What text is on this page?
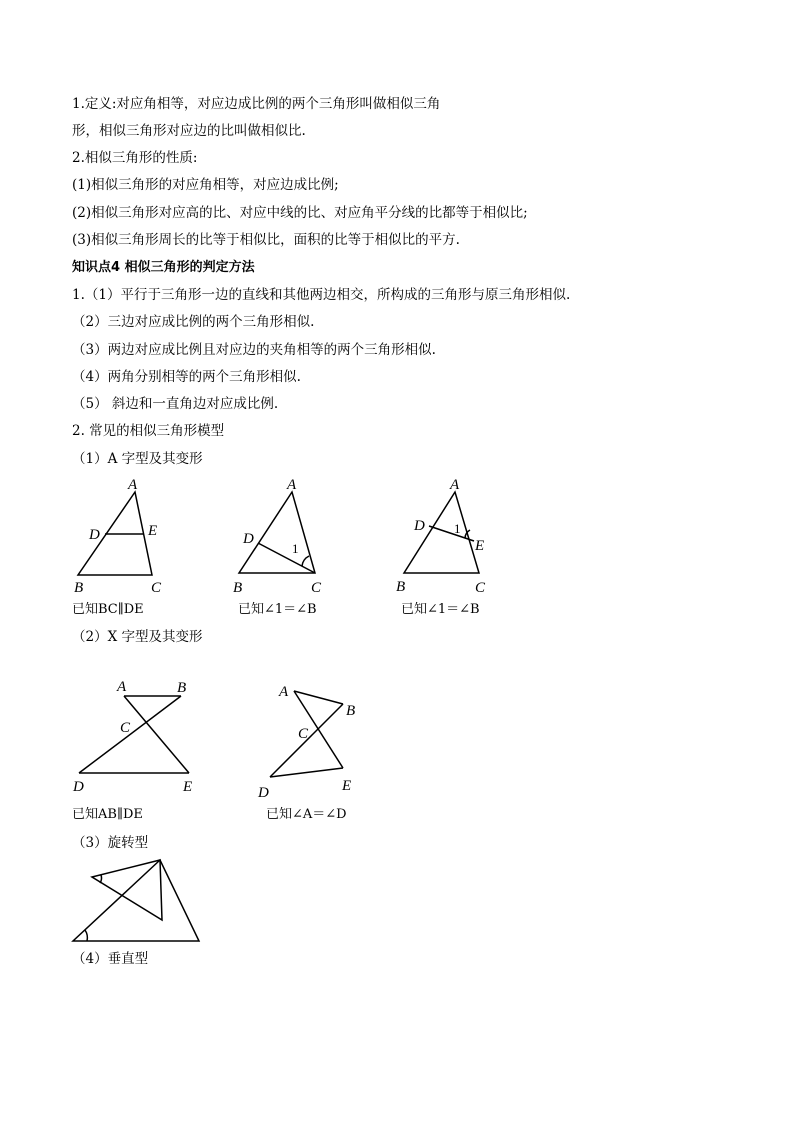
1.定义:对应角相等，对应边成比例的两个三角形叫做相似三角
形，相似三角形对应边的比叫做相似比.
2.相似三角形的性质:
(1)相似三角形的对应角相等，对应边成比例;
(2)相似三角形对应高的比、对应中线的比、对应角平分线的比都等于相似比;
(3)相似三角形周长的比等于相似比，面积的比等于相似比的平方.
知识点4 相似三角形的判定方法
1.（1）平行于三角形一边的直线和其他两边相交，所构成的三角形与原三角形相似.
（2）三边对应成比例的两个三角形相似.
（3）两边对应成比例且对应边的夹角相等的两个三角形相似.
（4）两角分别相等的两个三角形相似.
（5） 斜边和一直角边对应成比例.
2. 常见的相似三角形模型
（1）A 字型及其变形
已知BC∥DE	已知∠1＝∠B	已知∠1＝∠B
（2）X 字型及其变形
已知AB∥DE	已知∠A＝∠D
（3）旋转型
（4）垂直型
A
D	E
B	C
A
D
1
B	C
A
D 1
E
B	C
A	B
C
D	E
A
B
C
D	E
